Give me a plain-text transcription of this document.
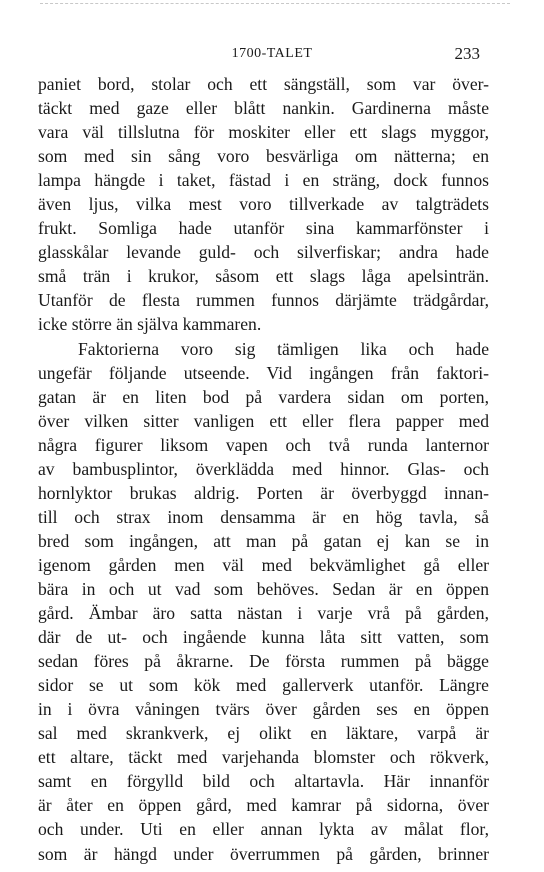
1700-TALET	233
paniet bord, stolar och ett sängställ, som var över-
täckt med gaze eller blått nankin. Gardinerna måste
vara väl tillslutna för moskiter eller ett slags myggor,
som med sin sång voro besvärliga om nätterna; en
lampa hängde i taket, fästad i en sträng, dock funnos
även ljus, vilka mest voro tillverkade av talgträdets
frukt. Somliga hade utanför sina kammarfönster i
glasskålar levande guld- och silverfiskar; andra hade
små trän i krukor, såsom ett slags låga apelsinträn.
Utanför de flesta rummen funnos därjämte trädgårdar,
icke större än själva kammaren.
Faktorierna voro sig tämligen lika och hade
ungefär följande utseende. Vid ingången från faktori-
gatan är en liten bod på vardera sidan om porten,
över vilken sitter vanligen ett eller flera papper med
några figurer liksom vapen och två runda lanternor
av bambusplintor, överklädda med hinnor. Glas- och
hornlyktor brukas aldrig. Porten är överbyggd innan-
till och strax inom densamma är en hög tavla, så
bred som ingången, att man på gatan ej kan se in
igenom gården men väl med bekvämlighet gå eller
bära in och ut vad som behöves. Sedan är en öppen
gård. Ämbar äro satta nästan i varje vrå på gården,
där de ut- och ingående kunna låta sitt vatten, som
sedan föres på åkrarne. De första rummen på bägge
sidor se ut som kök med gallerverk utanför. Längre
in i övra våningen tvärs över gården ses en öppen
sal med skrankverk, ej olikt en läktare, varpå är
ett altare, täckt med varjehanda blomster och rökverk,
samt en förgylld bild och altartavla. Här innanför
är åter en öppen gård, med kamrar på sidorna, över
och under. Uti en eller annan lykta av målat flor,
som är hängd under överrummen på gården, brinner
